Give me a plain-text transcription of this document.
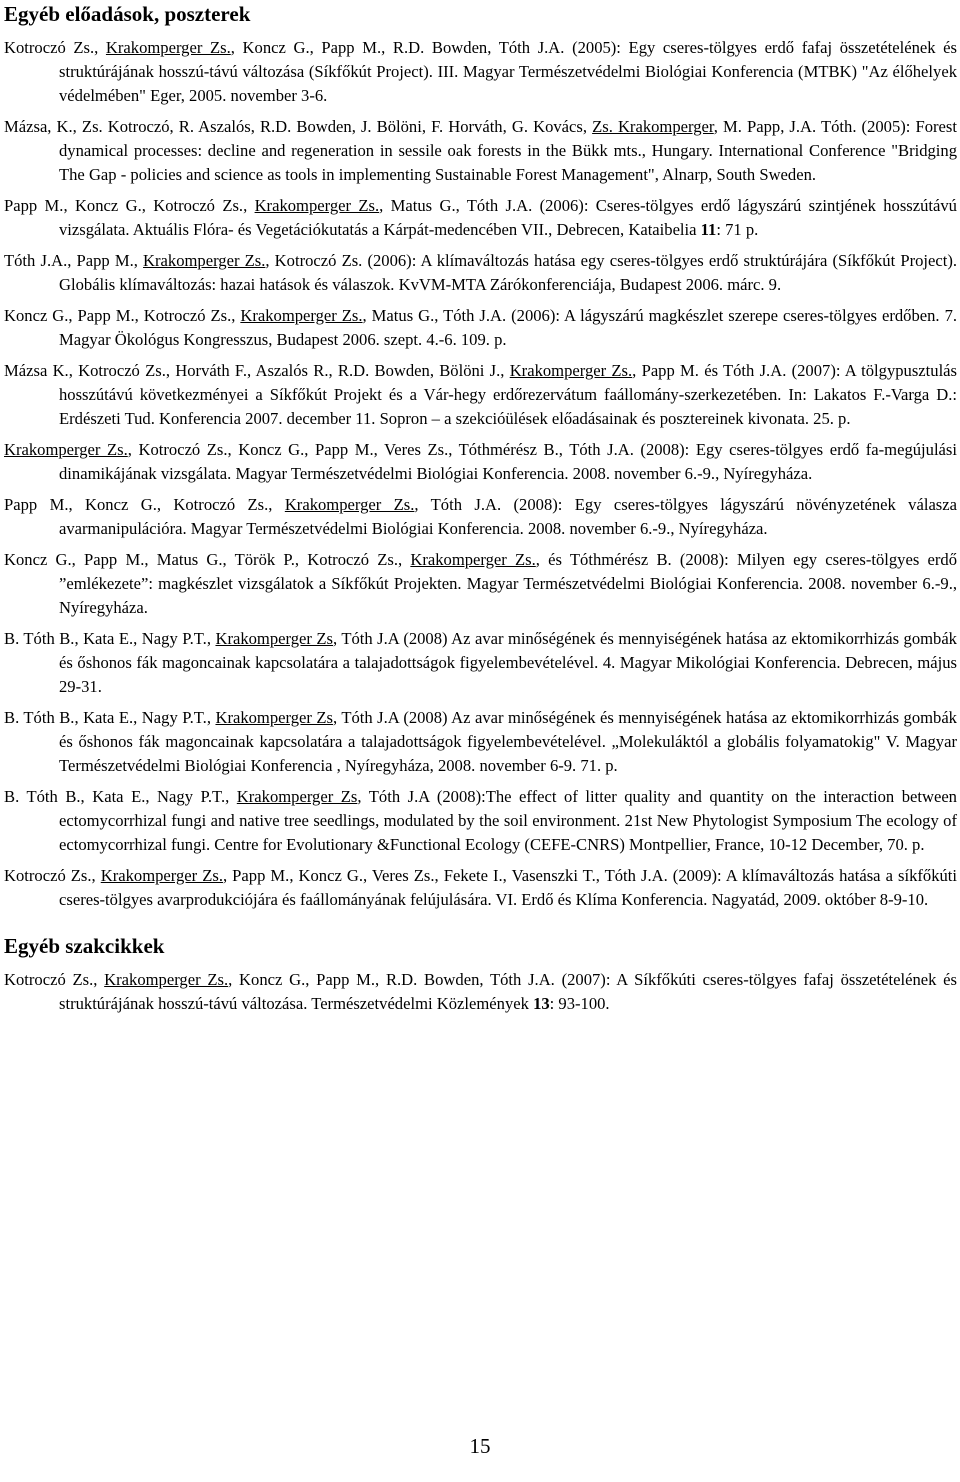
Egyéb előadások, poszterek

Kotroczó Zs., Krakomperger Zs., Koncz G., Papp M., R.D. Bowden, Tóth J.A. (2005): Egy cseres-tölgyes erdő fafaj összetételének és struktúrájának hosszú-távú változása (Síkfőkút Project). III. Magyar Természetvédelmi Biológiai Konferencia (MTBK) "Az élőhelyek védelmében" Eger, 2005. november 3-6.

Mázsa, K., Zs. Kotroczó, R. Aszalós, R.D. Bowden, J. Bölöni, F. Horváth, G. Kovács, Zs. Krakomperger, M. Papp, J.A. Tóth. (2005): Forest dynamical processes: decline and regeneration in sessile oak forests in the Bükk mts., Hungary. International Conference "Bridging The Gap - policies and science as tools in implementing Sustainable Forest Management", Alnarp, South Sweden.

Papp M., Koncz G., Kotroczó Zs., Krakomperger Zs., Matus G., Tóth J.A. (2006): Cseres-tölgyes erdő lágyszárú szintjének hosszútávú vizsgálata. Aktuális Flóra- és Vegetációkutatás a Kárpát-medencében VII., Debrecen, Kataibelia 11: 71 p.

Tóth J.A., Papp M., Krakomperger Zs., Kotroczó Zs. (2006): A klímaváltozás hatása egy cseres-tölgyes erdő struktúrájára (Síkfőkút Project). Globális klímaváltozás: hazai hatások és válaszok. KvVM-MTA Zárókonferenciája, Budapest 2006. márc. 9.

Koncz G., Papp M., Kotroczó Zs., Krakomperger Zs., Matus G., Tóth J.A. (2006): A lágyszárú magkészlet szerepe cseres-tölgyes erdőben. 7. Magyar Ökológus Kongresszus, Budapest 2006. szept. 4.-6. 109. p.

Mázsa K., Kotroczó Zs., Horváth F., Aszalós R., R.D. Bowden, Bölöni J., Krakomperger Zs., Papp M. és Tóth J.A. (2007): A tölgypusztulás hosszútávú következményei a Síkfőkút Projekt és a Vár-hegy erdőrezervátum faállomány-szerkezetében. In: Lakatos F.-Varga D.: Erdészeti Tud. Konferencia 2007. december 11. Sopron – a szekcióülések előadásainak és posztereinek kivonata. 25. p.

Krakomperger Zs., Kotroczó Zs., Koncz G., Papp M., Veres Zs., Tóthmérész B., Tóth J.A. (2008): Egy cseres-tölgyes erdő fa-megújulási dinamikájának vizsgálata. Magyar Természetvédelmi Biológiai Konferencia. 2008. november 6.-9., Nyíregyháza.

Papp M., Koncz G., Kotroczó Zs., Krakomperger Zs., Tóth J.A. (2008): Egy cseres-tölgyes lágyszárú növényzetének válasza avarmanipulációra. Magyar Természetvédelmi Biológiai Konferencia. 2008. november 6.-9., Nyíregyháza.

Koncz G., Papp M., Matus G., Török P., Kotroczó Zs., Krakomperger Zs., és Tóthmérész B. (2008): Milyen egy cseres-tölgyes erdő ”emlékezete”: magkészlet vizsgálatok a Síkfőkút Projekten. Magyar Természetvédelmi Biológiai Konferencia. 2008. november 6.-9., Nyíregyháza.

B. Tóth B., Kata E., Nagy P.T., Krakomperger Zs, Tóth J.A (2008) Az avar minőségének és mennyiségének hatása az ektomikorrhizás gombák és őshonos fák magoncainak kapcsolatára a talajadottságok figyelembevételével. 4. Magyar Mikológiai Konferencia. Debrecen, május 29-31.

B. Tóth B., Kata E., Nagy P.T., Krakomperger Zs, Tóth J.A (2008) Az avar minőségének és mennyiségének hatása az ektomikorrhizás gombák és őshonos fák magoncainak kapcsolatára a talajadottságok figyelembevételével. „Molekuláktól a globális folyamatokig" V. Magyar Természetvédelmi Biológiai Konferencia , Nyíregyháza, 2008. november 6-9. 71. p.

B. Tóth B., Kata E., Nagy P.T., Krakomperger Zs, Tóth J.A (2008):The effect of litter quality and quantity on the interaction between ectomycorrhizal fungi and native tree seedlings, modulated by the soil environment. 21st New Phytologist Symposium The ecology of ectomycorrhizal fungi. Centre for Evolutionary &Functional Ecology (CEFE-CNRS) Montpellier, France, 10-12 December, 70. p.

Kotroczó Zs., Krakomperger Zs., Papp M., Koncz G., Veres Zs., Fekete I., Vasenszki T., Tóth J.A. (2009): A klímaváltozás hatása a síkfőkúti cseres-tölgyes avarprodukciójára és faállományának felújulására. VI. Erdő és Klíma Konferencia. Nagyatád, 2009. október 8-9-10.

Egyéb szakcikkek

Kotroczó Zs., Krakomperger Zs., Koncz G., Papp M., R.D. Bowden, Tóth J.A. (2007): A Síkfőkúti cseres-tölgyes fafaj összetételének és struktúrájának hosszú-távú változása. Természetvédelmi Közlemények 13: 93-100.

15
